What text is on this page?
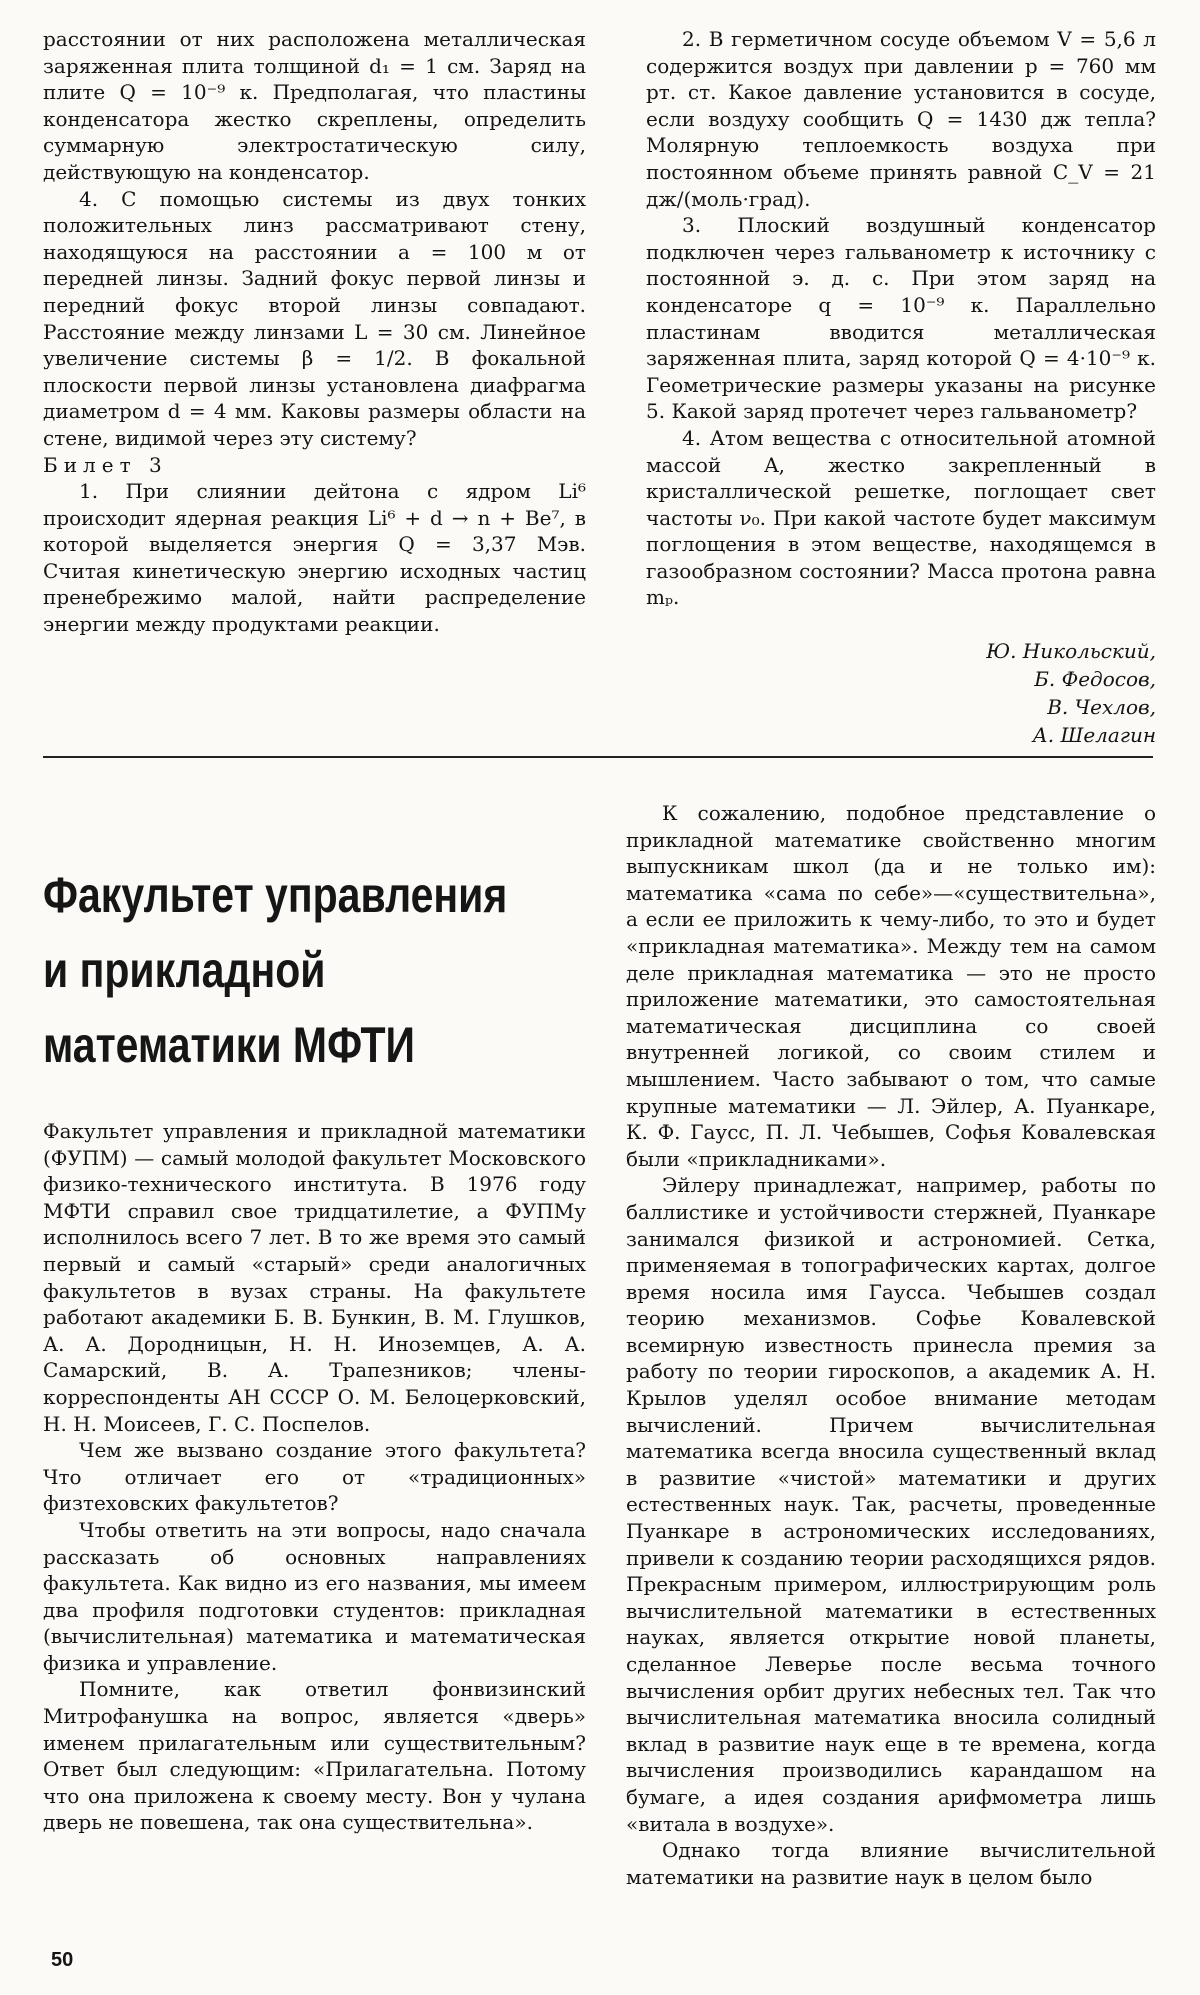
расстоянии от них расположена металлическая заряженная плита толщиной d₁ = 1 см. Заряд на плите Q = 10⁻⁹ к. Предполагая, что пластины конденсатора жестко скреплены, определить суммарную электростатическую силу, действующую на конденсатор.

4. С помощью системы из двух тонких положительных линз рассматривают стену, находящуюся на расстоянии a = 100 м от передней линзы. Задний фокус первой линзы и передний фокус второй линзы совпадают. Расстояние между линзами L = 30 см. Линейное увеличение системы β = 1/2. В фокальной плоскости первой линзы установлена диафрагма диаметром d = 4 мм. Каковы размеры области на стене, видимой через эту систему?

Билет 3

1. При слиянии дейтона с ядром Li⁶ происходит ядерная реакция Li⁶ + d → n + Be⁷, в которой выделяется энергия Q = 3,37 Мэв. Считая кинетическую энергию исходных частиц пренебрежимо малой, найти распределение энергии между продуктами реакции.

2. В герметичном сосуде объемом V = 5,6 л содержится воздух при давлении p = 760 мм рт. ст. Какое давление установится в сосуде, если воздуху сообщить Q = 1430 дж тепла? Молярную теплоемкость воздуха при постоянном объеме принять равной C_V = 21 дж/(моль·град).

3. Плоский воздушный конденсатор подключен через гальванометр к источнику с постоянной э. д. с. При этом заряд на конденсаторе q = 10⁻⁹ к. Параллельно пластинам вводится металлическая заряженная плита, заряд которой Q = 4·10⁻⁹ к. Геометрические размеры указаны на рисунке 5. Какой заряд протечет через гальванометр?

4. Атом вещества с относительной атомной массой A, жестко закрепленный в кристаллической решетке, поглощает свет частоты ν₀. При какой частоте будет максимум поглощения в этом веществе, находящемся в газообразном состоянии? Масса протона равна mₚ.

Ю. Никольский,
Б. Федосов,
В. Чехлов,
А. Шелагин
Факультет управления
и прикладной
математики МФТИ

Факультет управления и прикладной математики (ФУПМ) — самый молодой факультет Московского физико-технического института. В 1976 году МФТИ справил свое тридцатилетие, а ФУПМу исполнилось всего 7 лет. В то же время это самый первый и самый «старый» среди аналогичных факультетов в вузах страны. На факультете работают академики Б. В. Бункин, В. М. Глушков, А. А. Дородницын, Н. Н. Иноземцев, А. А. Самарский, В. А. Трапезников; члены-корреспонденты АН СССР О. М. Белоцерковский, Н. Н. Моисеев, Г. С. Поспелов.

Чем же вызвано создание этого факультета? Что отличает его от «традиционных» физтеховских факультетов?

Чтобы ответить на эти вопросы, надо сначала рассказать об основных направлениях факультета. Как видно из его названия, мы имеем два профиля подготовки студентов: прикладная (вычислительная) математика и математическая физика и управление.

Помните, как ответил фонвизинский Митрофанушка на вопрос, является «дверь» именем прилагательным или существительным? Ответ был следующим: «Прилагательна. Потому что она приложена к своему месту. Вон у чулана дверь не повешена, так она существительна».

К сожалению, подобное представление о прикладной математике свойственно многим выпускникам школ (да и не только им): математика «сама по себе»—«существительна», а если ее приложить к чему-либо, то это и будет «прикладная математика». Между тем на самом деле прикладная математика — это не просто приложение математики, это самостоятельная математическая дисциплина со своей внутренней логикой, со своим стилем и мышлением. Часто забывают о том, что самые крупные математики — Л. Эйлер, А. Пуанкаре, К. Ф. Гаусс, П. Л. Чебышев, Софья Ковалевская были «прикладниками».

Эйлеру принадлежат, например, работы по баллистике и устойчивости стержней, Пуанкаре занимался физикой и астрономией. Сетка, применяемая в топографических картах, долгое время носила имя Гаусса. Чебышев создал теорию механизмов. Софье Ковалевской всемирную известность принесла премия за работу по теории гироскопов, а академик А. Н. Крылов уделял особое внимание методам вычислений. Причем вычислительная математика всегда вносила существенный вклад в развитие «чистой» математики и других естественных наук. Так, расчеты, проведенные Пуанкаре в астрономических исследованиях, привели к созданию теории расходящихся рядов. Прекрасным примером, иллюстрирующим роль вычислительной математики в естественных науках, является открытие новой планеты, сделанное Леверье после весьма точного вычисления орбит других небесных тел. Так что вычислительная математика вносила солидный вклад в развитие наук еще в те времена, когда вычисления производились карандашом на бумаге, а идея создания арифмометра лишь «витала в воздухе».

Однако тогда влияние вычислительной математики на развитие наук в целом было

50
